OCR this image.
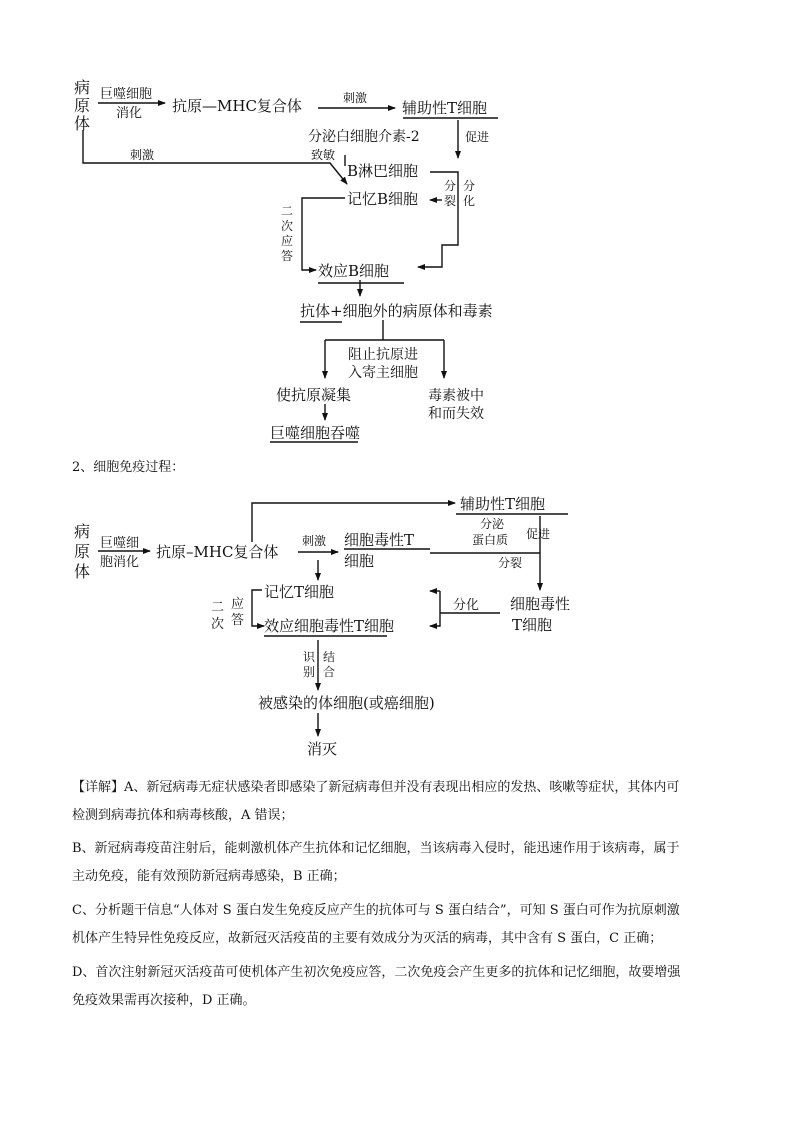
病
原
体
巨噬细胞
消化 抗原—MHC复合体	刺激
辅助性T细胞
分泌白细胞介素-2	促进
刺激	致敏
B淋巴细胞
记忆B细胞
分
裂
分
化
二
次
应
答
效应B细胞
抗体+细胞外的病原体和毒素
阻止抗原进
入寄主细胞
使抗原凝集	毒素被中
和而失效
巨噬细胞吞噬
2、细胞免疫过程：
病
原
体
巨噬细
胞消化
抗原–MHC复合体
刺激 细胞毒性T
细胞
辅助性T细胞
分泌
蛋白质 促进
分裂
记忆T细胞
二
次
应
答
分化 细胞毒性
T细胞
效应细胞毒性T细胞
识
别
结
合
被感染的体细胞(或癌细胞)
消灭
【详解】A、新冠病毒无症状感染者即感染了新冠病毒但并没有表现出相应的发热、咳嗽等症状，其体内可
检测到病毒抗体和病毒核酸，A 错误；
B、新冠病毒疫苗注射后，能刺激机体产生抗体和记忆细胞，当该病毒入侵时，能迅速作用于该病毒，属于
主动免疫，能有效预防新冠病毒感染，B 正确；
C、分析题干信息“人体对 S 蛋白发生免疫反应产生的抗体可与 S 蛋白结合”，可知 S 蛋白可作为抗原刺激
机体产生特异性免疫反应，故新冠灭活疫苗的主要有效成分为灭活的病毒，其中含有 S 蛋白，C 正确；
D、首次注射新冠灭活疫苗可使机体产生初次免疫应答，二次免疫会产生更多的抗体和记忆细胞，故要增强
免疫效果需再次接种，D 正确。
